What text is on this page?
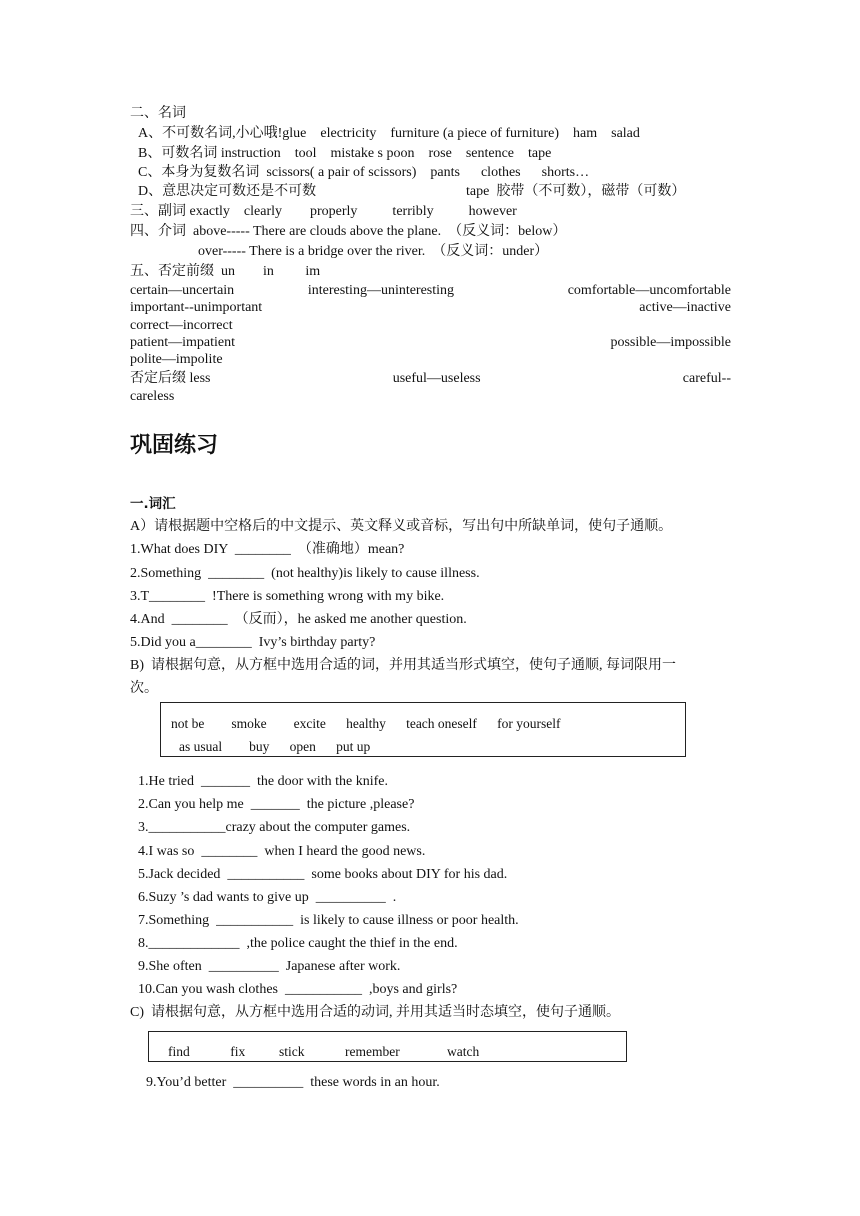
二、名词
A、不可数名词,小心哦!glue    electricity    furniture (a piece of furniture)    ham    salad
B、可数名词 instruction    tool    mistake s poon    rose    sentence    tape
C、本身为复数名词  scissors( a pair of scissors)    pants      clothes      shorts…
D、意思决定可数还是不可数	tape  胶带（不可数），磁带（可数）
三、副词 exactly    clearly        properly          terribly          however
四、介词  above----- There are clouds above the plane.  （反义词：below）
over----- There is a bridge over the river.  （反义词：under）
五、否定前缀  un        in         im
certain—uncertain	interesting—uninteresting	comfortable—uncomfortable
important--unimportant	active—inactive
correct—incorrect
patient—impatient	possible—impossible
polite—impolite
否定后缀 less	useful—useless	careful--
careless
巩固练习
一.词汇
A）请根据题中空格后的中文提示、英文释义或音标，写出句中所缺单词，使句子通顺。
1.What does DIY  ________  （准确地）mean?
2.Something  ________  (not healthy)is likely to cause illness.
3.T________  !There is something wrong with my bike.
4.And  ________  （反而），he asked me another question.
5.Did you a________  Ivy’s birthday party?
B)  请根据句意，从方框中选用合适的词，并用其适当形式填空，使句子通顺, 每词限用一
次。
not be        smoke        excite      healthy      teach oneself      for yourself
as usual        buy      open      put up
1.He tried  _______  the door with the knife.
2.Can you help me  _______  the picture ,please?
3.___________crazy about the computer games.
4.I was so  ________  when I heard the good news.
5.Jack decided  ___________  some books about DIY for his dad.
6.Suzy ’s dad wants to give up  __________  .
7.Something  ___________  is likely to cause illness or poor health.
8._____________  ,the police caught the thief in the end.
9.She often  __________  Japanese after work.
10.Can you wash clothes  ___________  ,boys and girls?
C)  请根据句意，从方框中选用合适的动词, 并用其适当时态填空，使句子通顺。
find            fix          stick            remember              watch
9.You’d better  __________  these words in an hour.
